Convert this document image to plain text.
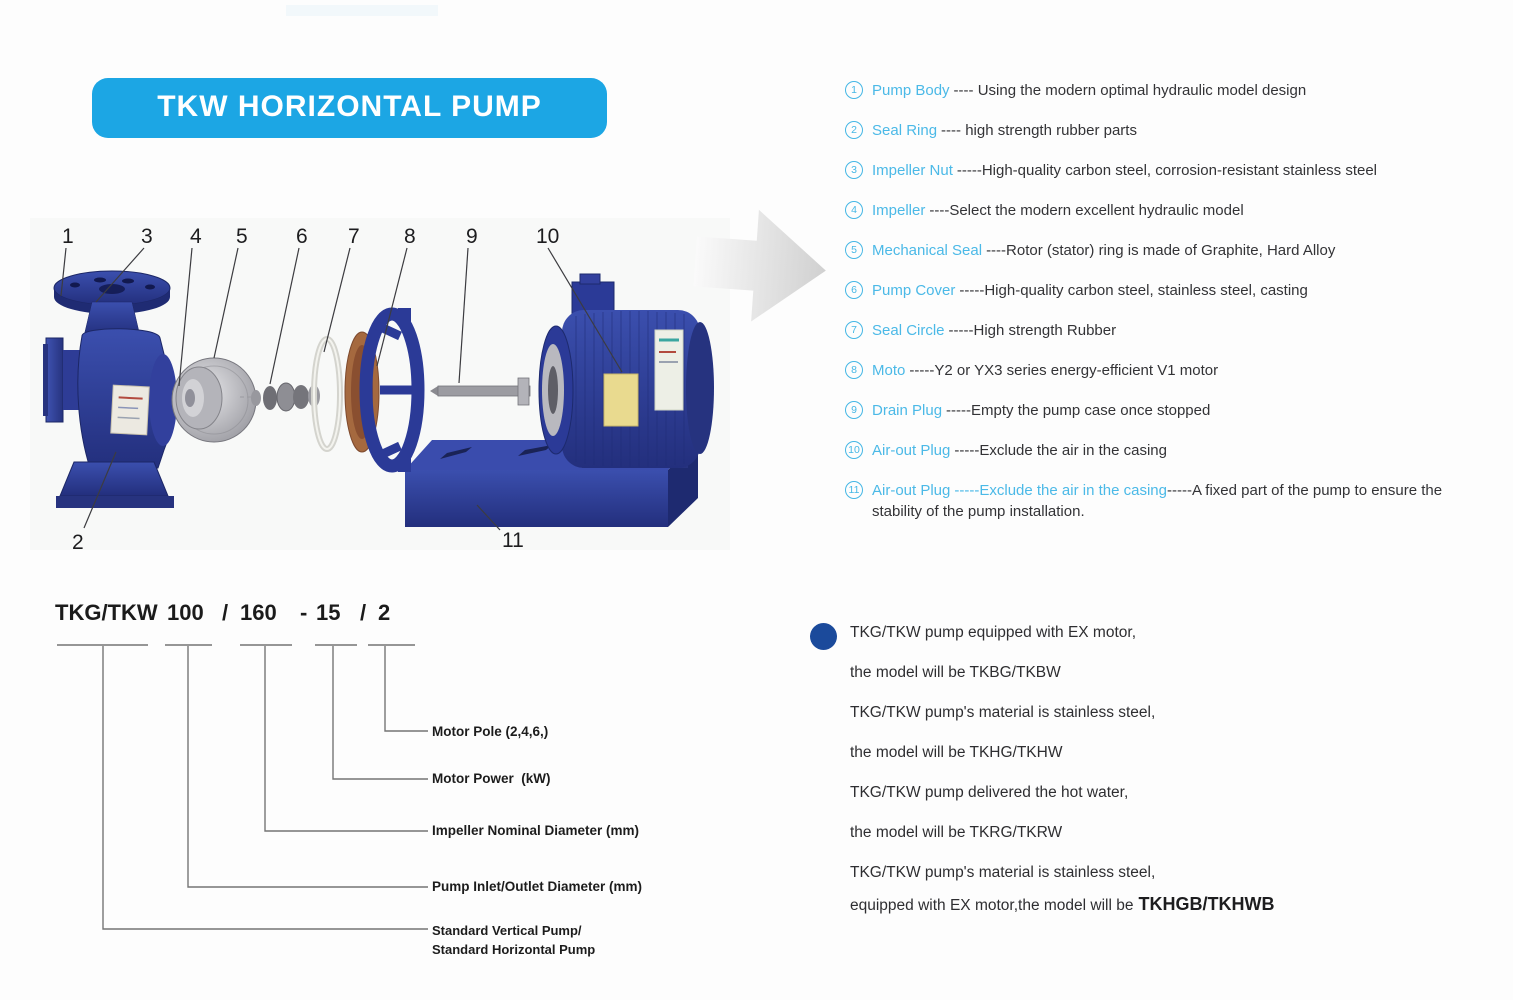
TKW HORIZONTAL PUMP
1	3 4 5 6 7 8 9	10
2	11
1	Pump Body ---- Using the modern optimal hydraulic model design
2	Seal Ring ---- high strength rubber parts
3	Impeller Nut -----High-quality carbon steel, corrosion-resistant stainless steel
4	Impeller ----Select the modern excellent hydraulic model
5	Mechanical Seal ----Rotor (stator) ring is made of Graphite, Hard Alloy
6	Pump Cover -----High-quality carbon steel, stainless steel, casting
7	Seal Circle -----High strength Rubber
8	Moto -----Y2 or YX3 series energy-efficient V1 motor
9	Drain Plug -----Empty the pump case once stopped
10 Air-out Plug -----Exclude the air in the casing
11 Air-out Plug -----Exclude the air in the casing-----A fixed part of the pump to ensure the stability of the pump installation.
TKG/TKW 100 / 160 - 15 / 2
Motor Pole (2,4,6,)
Motor Power  (kW)
Impeller Nominal Diameter (mm)
Pump Inlet/Outlet Diameter (mm)
Standard Vertical Pump/
Standard Horizontal Pump
TKG/TKW pump equipped with EX motor,
the model will be TKBG/TKBW
TKG/TKW pump's material is stainless steel,
the model will be TKHG/TKHW
TKG/TKW pump delivered the hot water,
the model will be TKRG/TKRW
TKG/TKW pump's material is stainless steel,
equipped with EX motor,the model will be TKHGB/TKHWB
